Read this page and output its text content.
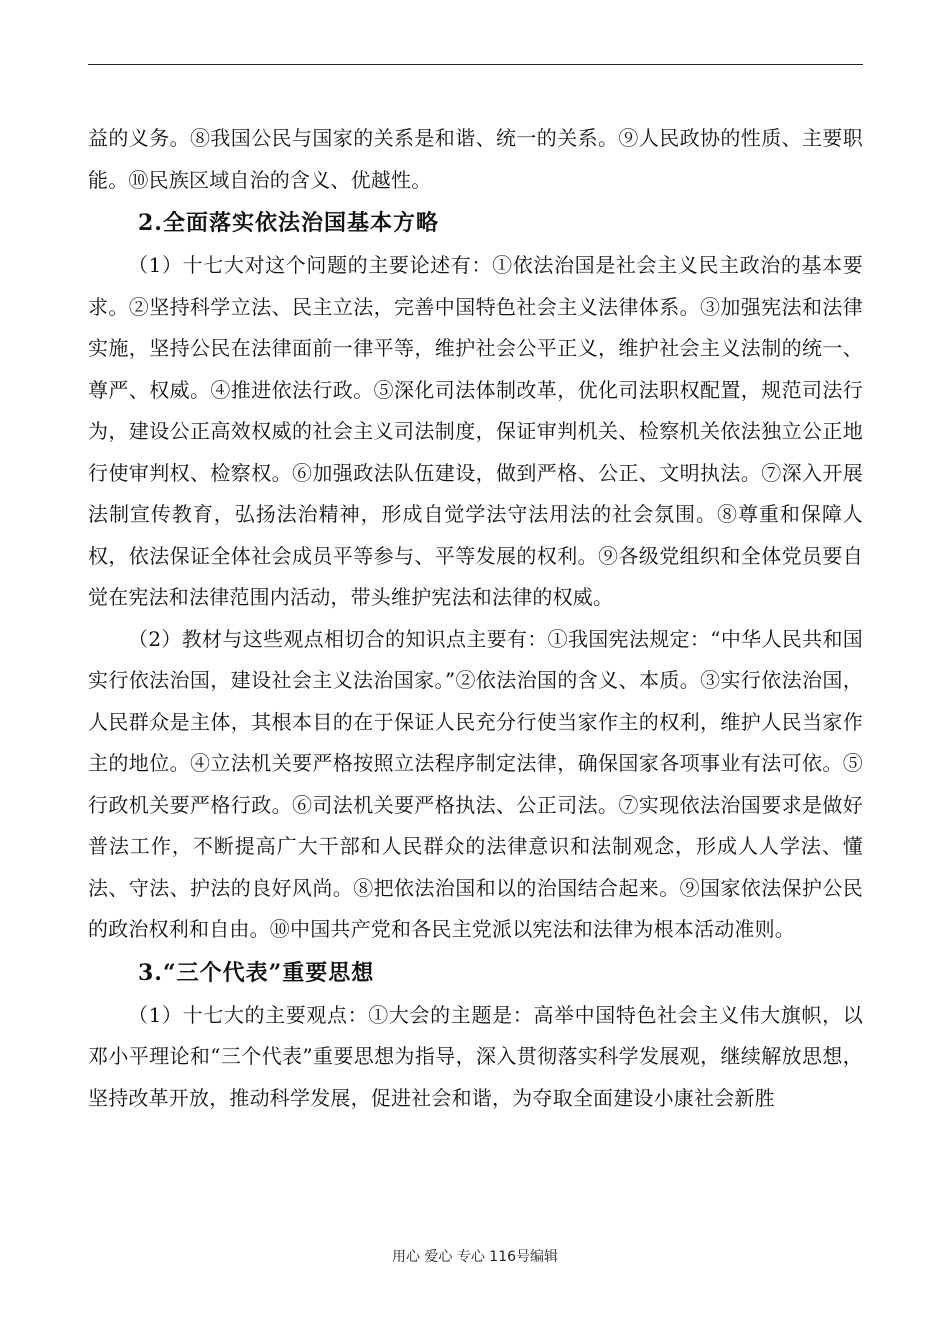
益的义务。⑧我国公民与国家的关系是和谐、统一的关系。⑨人民政协的性质、主要职能。⑩民族区域自治的含义、优越性。

2.全面落实依法治国基本方略

（1）十七大对这个问题的主要论述有：①依法治国是社会主义民主政治的基本要求。②坚持科学立法、民主立法，完善中国特色社会主义法律体系。③加强宪法和法律实施，坚持公民在法律面前一律平等，维护社会公平正义，维护社会主义法制的统一、尊严、权威。④推进依法行政。⑤深化司法体制改革，优化司法职权配置，规范司法行为，建设公正高效权威的社会主义司法制度，保证审判机关、检察机关依法独立公正地行使审判权、检察权。⑥加强政法队伍建设，做到严格、公正、文明执法。⑦深入开展法制宣传教育，弘扬法治精神，形成自觉学法守法用法的社会氛围。⑧尊重和保障人权，依法保证全体社会成员平等参与、平等发展的权利。⑨各级党组织和全体党员要自觉在宪法和法律范围内活动，带头维护宪法和法律的权威。

（2）教材与这些观点相切合的知识点主要有：①我国宪法规定：“中华人民共和国实行依法治国，建设社会主义法治国家。”②依法治国的含义、本质。③实行依法治国，人民群众是主体，其根本目的在于保证人民充分行使当家作主的权利，维护人民当家作主的地位。④立法机关要严格按照立法程序制定法律，确保国家各项事业有法可依。⑤行政机关要严格行政。⑥司法机关要严格执法、公正司法。⑦实现依法治国要求是做好普法工作，不断提高广大干部和人民群众的法律意识和法制观念，形成人人学法、懂法、守法、护法的良好风尚。⑧把依法治国和以的治国结合起来。⑨国家依法保护公民的政治权利和自由。⑩中国共产党和各民主党派以宪法和法律为根本活动准则。

3.“三个代表”重要思想

（1）十七大的主要观点：①大会的主题是：高举中国特色社会主义伟大旗帜，以邓小平理论和“三个代表”重要思想为指导，深入贯彻落实科学发展观，继续解放思想，坚持改革开放，推动科学发展，促进社会和谐，为夺取全面建设小康社会新胜

用心 爱心 专心 116号编辑
